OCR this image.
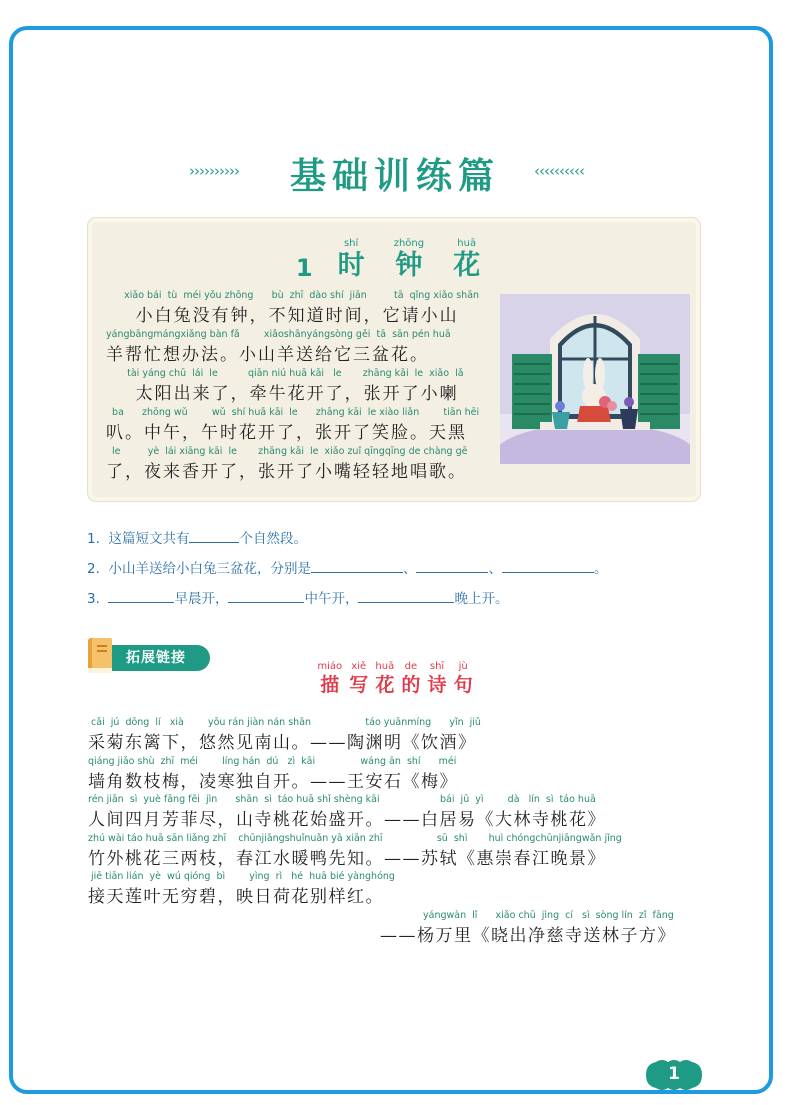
››››››››››	基础训练篇	‹‹‹‹‹‹‹‹‹‹
1
shí
时

zhōng
钟

huā
花
xiǎo bái  tù  méi yǒu zhōng      bù  zhī  dào shí  jiān         tā  qǐng xiǎo shān
小白兔没有钟，不知道时间，它请小山
yángbāngmángxiǎng bàn fǎ        xiǎoshānyángsòng gěi  tā  sān pén huā
羊帮忙想办法。小山羊送给它三盆花。
tài yáng chū  lái  le          qiān niú huā kāi   le       zhāng kāi  le  xiǎo  lǎ
太阳出来了，牵牛花开了，张开了小喇
ba      zhōng wǔ        wǔ  shí huā kāi  le      zhāng kāi  le xiào liǎn        tiān hēi
叭。中午，午时花开了，张开了笑脸。天黑
le         yè  lái xiāng kāi  le       zhāng kāi  le  xiǎo zuǐ qīngqīng de chàng gē
了，夜来香开了，张开了小嘴轻轻地唱歌。
1. 这篇短文共有	个自然段。
2. 小山羊送给小白兔三盆花，分别是	、	、	。
3.	早晨开，	中午开，	晚上开。
拓展链接
miáo
描

xiě
写

huā
花

de
的

shī
诗

jù
句
cǎi  jú  dōng  lí   xià        yōu rán jiàn nán shān                  táo yuānmíng      yǐn  jiǔ
采菊东篱下，悠然见南山。——陶渊明《饮酒》
qiáng jiǎo shù  zhī  méi        líng hán  dú   zì  kāi               wáng ān  shí      méi
墙角数枝梅，凌寒独自开。——王安石《梅》
rén jiān  sì  yuè fāng fēi  jìn      shān  sì  táo huā shǐ shèng kāi                    bái  jū  yì        dà   lín  sì  táo huā
人间四月芳菲尽，山寺桃花始盛开。——白居易《大林寺桃花》
zhú wài táo huā sān liǎng zhī    chūnjiāngshuǐnuǎn yā xiān zhī                  sū  shì       huì chóngchūnjiāngwǎn jǐng
竹外桃花三两枝，春江水暖鸭先知。——苏轼《惠崇春江晚景》
jiē tiān lián  yè  wú qióng  bì        yìng  rì   hé  huā bié yànghóng
接天莲叶无穷碧，映日荷花别样红。
yángwàn  lǐ      xiǎo chū  jìng  cí   sì  sòng lín  zǐ  fāng
——杨万里《晓出净慈寺送林子方》
1
